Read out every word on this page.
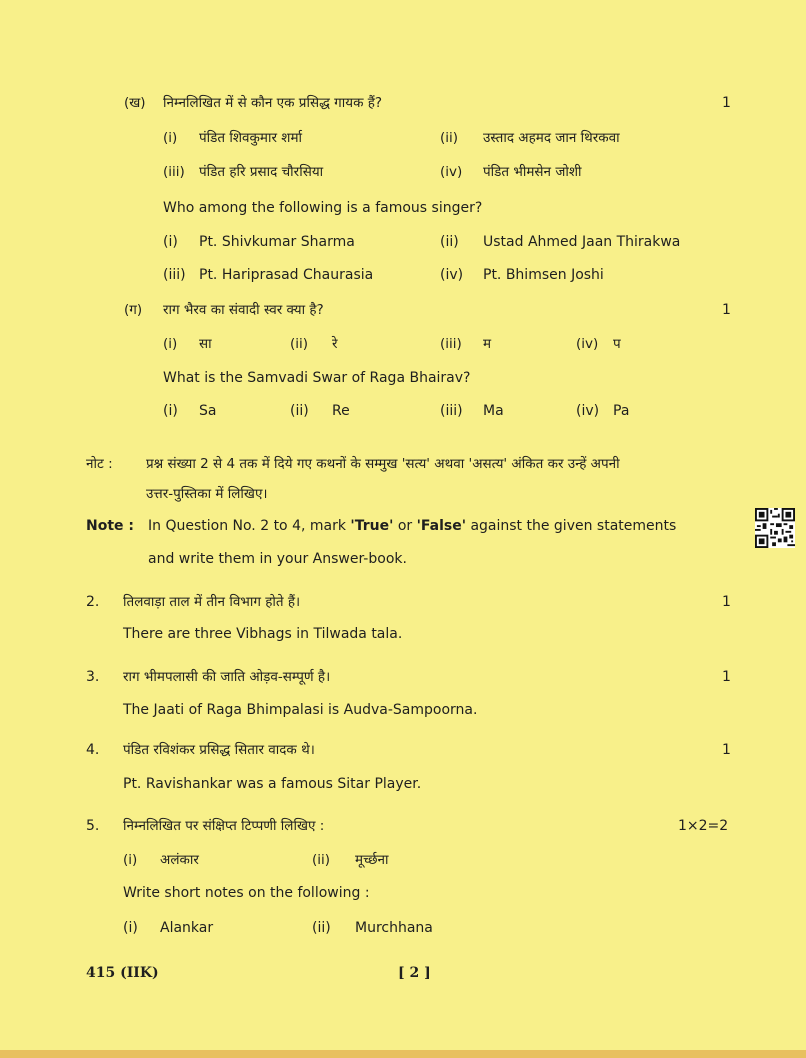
(ख) निम्नलिखित में से कौन एक प्रसिद्ध गायक हैं?	1
(i) पंडित शिवकुमार शर्मा	(ii) उस्ताद अहमद जान थिरकवा
(iii) पंडित हरि प्रसाद चौरसिया	(iv) पंडित भीमसेन जोशी
Who among the following is a famous singer?
(i) Pt. Shivkumar Sharma	(ii) Ustad Ahmed Jaan Thirakwa
(iii) Pt. Hariprasad Chaurasia	(iv) Pt. Bhimsen Joshi
(ग) राग भैरव का संवादी स्वर क्या है?	1
(i) सा	(ii) रे	(iii) म	(iv) प
What is the Samvadi Swar of Raga Bhairav?
(i) Sa	(ii) Re	(iii) Ma	(iv) Pa
नोट : प्रश्न संख्या 2 से 4 तक में दिये गए कथनों के सम्मुख 'सत्य' अथवा 'असत्य' अंकित कर उन्हें अपनी
उत्तर-पुस्तिका में लिखिए।
Note : In Question No. 2 to 4, mark 'True' or 'False' against the given statements
and write them in your Answer-book.
2. तिलवाड़ा ताल में तीन विभाग होते हैं।	1
There are three Vibhags in Tilwada tala.
3. राग भीमपलासी की जाति ओड़व-सम्पूर्ण है।	1
The Jaati of Raga Bhimpalasi is Audva-Sampoorna.
4. पंडित रविशंकर प्रसिद्ध सितार वादक थे।	1
Pt. Ravishankar was a famous Sitar Player.
5. निम्नलिखित पर संक्षिप्त टिप्पणी लिखिए :	1×2=2
(i) अलंकार	(ii) मूर्च्छना
Write short notes on the following :
(i) Alankar	(ii) Murchhana
415 (IIK)	[ 2 ]
